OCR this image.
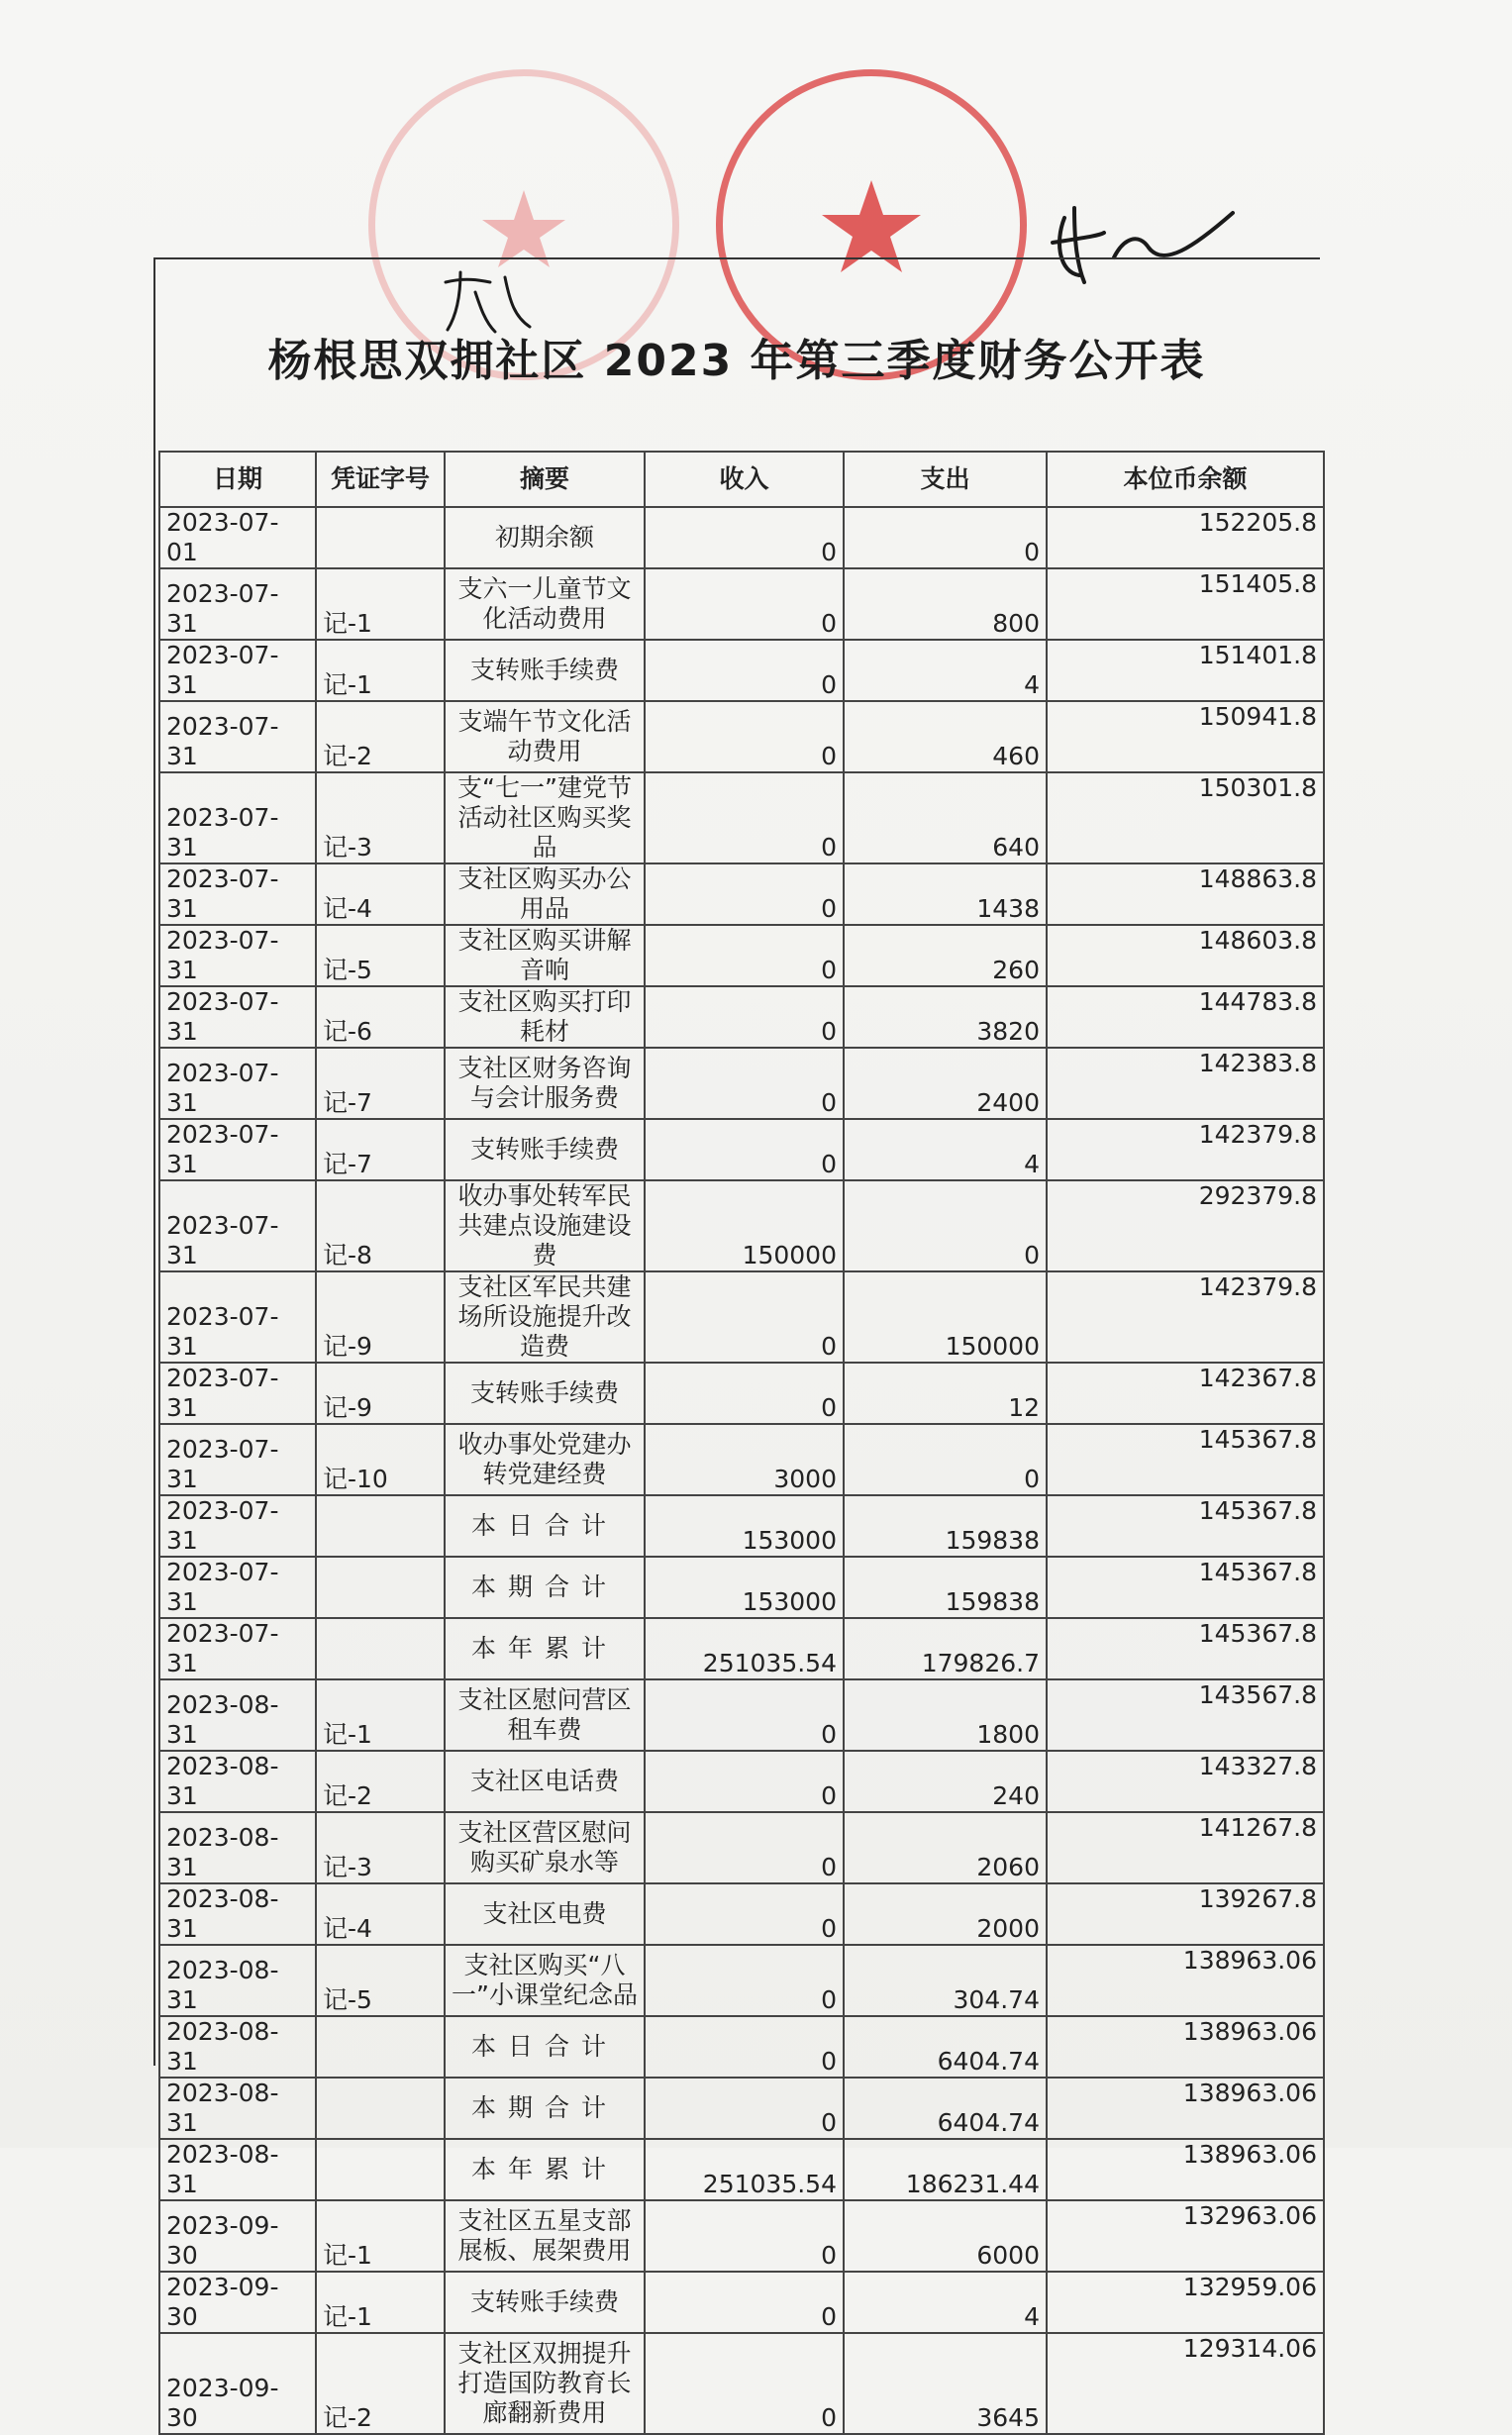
杨根思双拥社区 2023 年第三季度财务公开表
日期	凭证字号	摘要	收入	支出	本位币余额
2023-07-01		初期余额	0	0	152205.8
2023-07-31	记-1	支六一儿童节文化活动费用	0	800	151405.8
2023-07-31	记-1	支转账手续费	0	4	151401.8
2023-07-31	记-2	支端午节文化活动费用	0	460	150941.8
2023-07-31	记-3	支“七一”建党节活动社区购买奖品	0	640	150301.8
2023-07-31	记-4	支社区购买办公用品	0	1438	148863.8
2023-07-31	记-5	支社区购买讲解音响	0	260	148603.8
2023-07-31	记-6	支社区购买打印耗材	0	3820	144783.8
2023-07-31	记-7	支社区财务咨询与会计服务费	0	2400	142383.8
2023-07-31	记-7	支转账手续费	0	4	142379.8
2023-07-31	记-8	收办事处转军民共建点设施建设费	150000	0	292379.8
2023-07-31	记-9	支社区军民共建场所设施提升改造费	0	150000	142379.8
2023-07-31	记-9	支转账手续费	0	12	142367.8
2023-07-31	记-10	收办事处党建办转党建经费	3000	0	145367.8
2023-07-31		本日合计	153000	159838	145367.8
2023-07-31		本期合计	153000	159838	145367.8
2023-07-31		本年累计	251035.54	179826.7	145367.8
2023-08-31	记-1	支社区慰问营区租车费	0	1800	143567.8
2023-08-31	记-2	支社区电话费	0	240	143327.8
2023-08-31	记-3	支社区营区慰问购买矿泉水等	0	2060	141267.8
2023-08-31	记-4	支社区电费	0	2000	139267.8
2023-08-31	记-5	支社区购买“八一”小课堂纪念品	0	304.74	138963.06
2023-08-31		本日合计	0	6404.74	138963.06
2023-08-31		本期合计	0	6404.74	138963.06
2023-08-31		本年累计	251035.54	186231.44	138963.06
2023-09-30	记-1	支社区五星支部展板、展架费用	0	6000	132963.06
2023-09-30	记-1	支转账手续费	0	4	132959.06
2023-09-30	记-2	支社区双拥提升打造国防教育长廊翻新费用	0	3645	129314.06
